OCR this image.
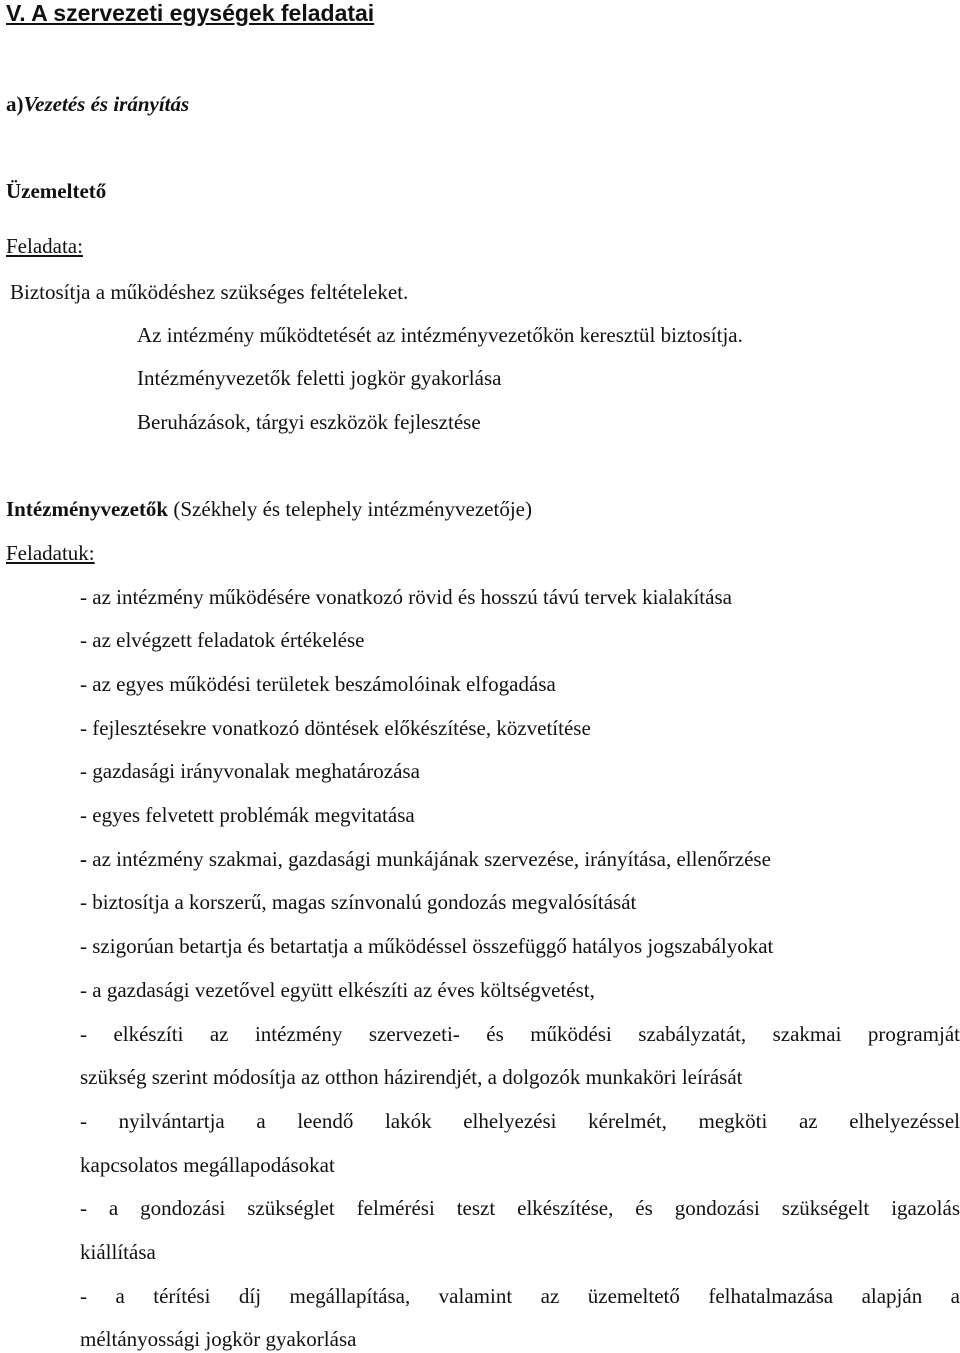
V. A szervezeti egységek feladatai
a)Vezetés és irányítás
Üzemeltető
Feladata:
Biztosítja a működéshez szükséges feltételeket.
Az intézmény működtetését az intézményvezetőkön keresztül biztosítja.
Intézményvezetők feletti jogkör gyakorlása
Beruházások, tárgyi eszközök fejlesztése
Intézményvezetők (Székhely és telephely intézményvezetője)
Feladatuk:
- az intézmény működésére vonatkozó rövid és hosszú távú tervek kialakítása
- az elvégzett feladatok értékelése
- az egyes működési területek beszámolóinak elfogadása
- fejlesztésekre vonatkozó döntések előkészítése, közvetítése
- gazdasági irányvonalak meghatározása
- egyes felvetett problémák megvitatása
- az intézmény szakmai, gazdasági munkájának szervezése, irányítása, ellenőrzése
- biztosítja a korszerű, magas színvonalú gondozás megvalósítását
- szigorúan betartja és betartatja a működéssel összefüggő hatályos jogszabályokat
- a gazdasági vezetővel együtt elkészíti az éves költségvetést,
- elkészíti az intézmény szervezeti- és működési szabályzatát, szakmai programját
szükség szerint módosítja az otthon házirendjét, a dolgozók munkaköri leírását
- nyilvántartja a leendő lakók elhelyezési kérelmét, megköti az elhelyezéssel
kapcsolatos megállapodásokat
- a gondozási szükséglet felmérési teszt elkészítése, és gondozási szükségelt igazolás
kiállítása
- a térítési díj megállapítása, valamint az üzemeltető felhatalmazása alapján a
méltányossági jogkör gyakorlása
